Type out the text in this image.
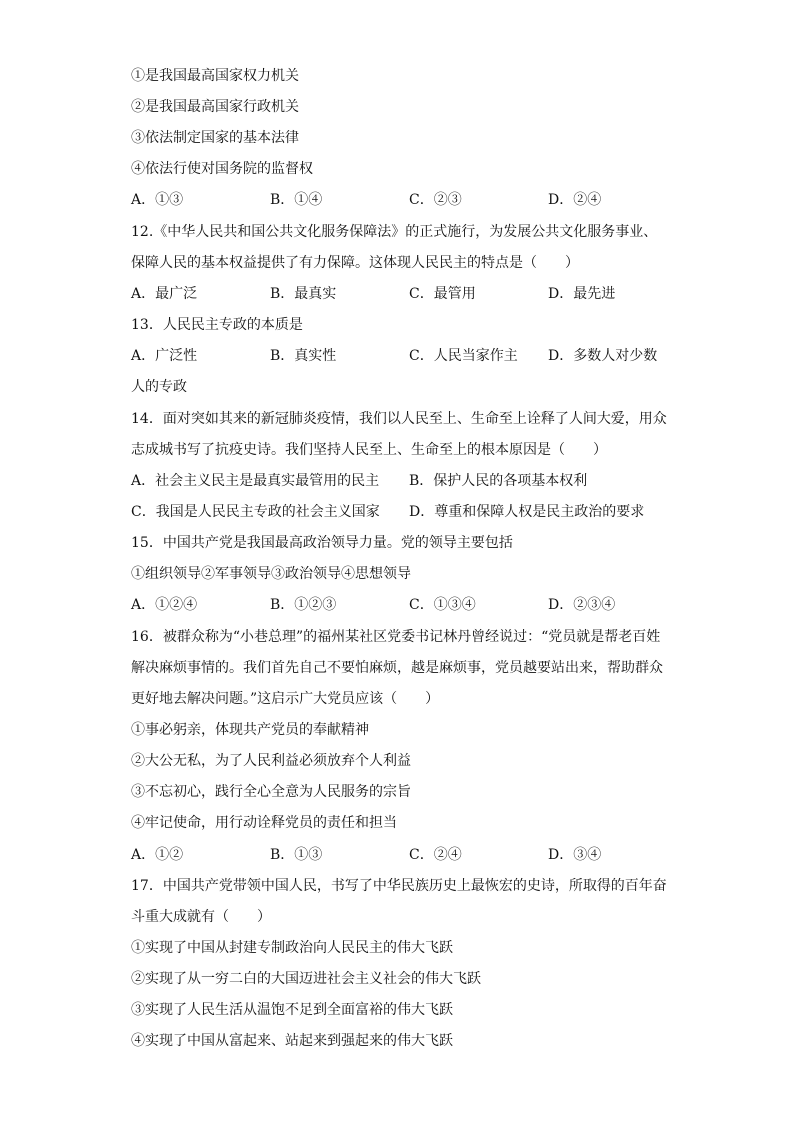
①是我国最高国家权力机关
②是我国最高国家行政机关
③依法制定国家的基本法律
④依法行使对国务院的监督权
A．①③	B．①④	C．②③	D．②④
12.《中华人民共和国公共文化服务保障法》的正式施行，为发展公共文化服务事业、
保障人民的基本权益提供了有力保障。这体现人民民主的特点是（　　）
A．最广泛	B．最真实	C．最管用	D．最先进
13．人民民主专政的本质是
A．广泛性	B．真实性	C．人民当家作主 D．多数人对少数
人的专政
14．面对突如其来的新冠肺炎疫情，我们以人民至上、生命至上诠释了人间大爱，用众
志成城书写了抗疫史诗。我们坚持人民至上、生命至上的根本原因是（　　）
A．社会主义民主是最真实最管用的民主 B．保护人民的各项基本权利
C．我国是人民民主专政的社会主义国家 D．尊重和保障人权是民主政治的要求
15．中国共产党是我国最高政治领导力量。党的领导主要包括
①组织领导②军事领导③政治领导④思想领导
A．①②④	B．①②③	C．①③④	D．②③④
16．被群众称为“小巷总理”的福州某社区党委书记林丹曾经说过：“党员就是帮老百姓
解决麻烦事情的。我们首先自己不要怕麻烦，越是麻烦事，党员越要站出来，帮助群众
更好地去解决问题。”这启示广大党员应该（　　）
①事必躬亲，体现共产党员的奉献精神
②大公无私，为了人民利益必须放弃个人利益
③不忘初心，践行全心全意为人民服务的宗旨
④牢记使命，用行动诠释党员的责任和担当
A．①②	B．①③	C．②④	D．③④
17．中国共产党带领中国人民，书写了中华民族历史上最恢宏的史诗，所取得的百年奋
斗重大成就有（　　）
①实现了中国从封建专制政治向人民民主的伟大飞跃
②实现了从一穷二白的大国迈进社会主义社会的伟大飞跃
③实现了人民生活从温饱不足到全面富裕的伟大飞跃
④实现了中国从富起来、站起来到强起来的伟大飞跃
